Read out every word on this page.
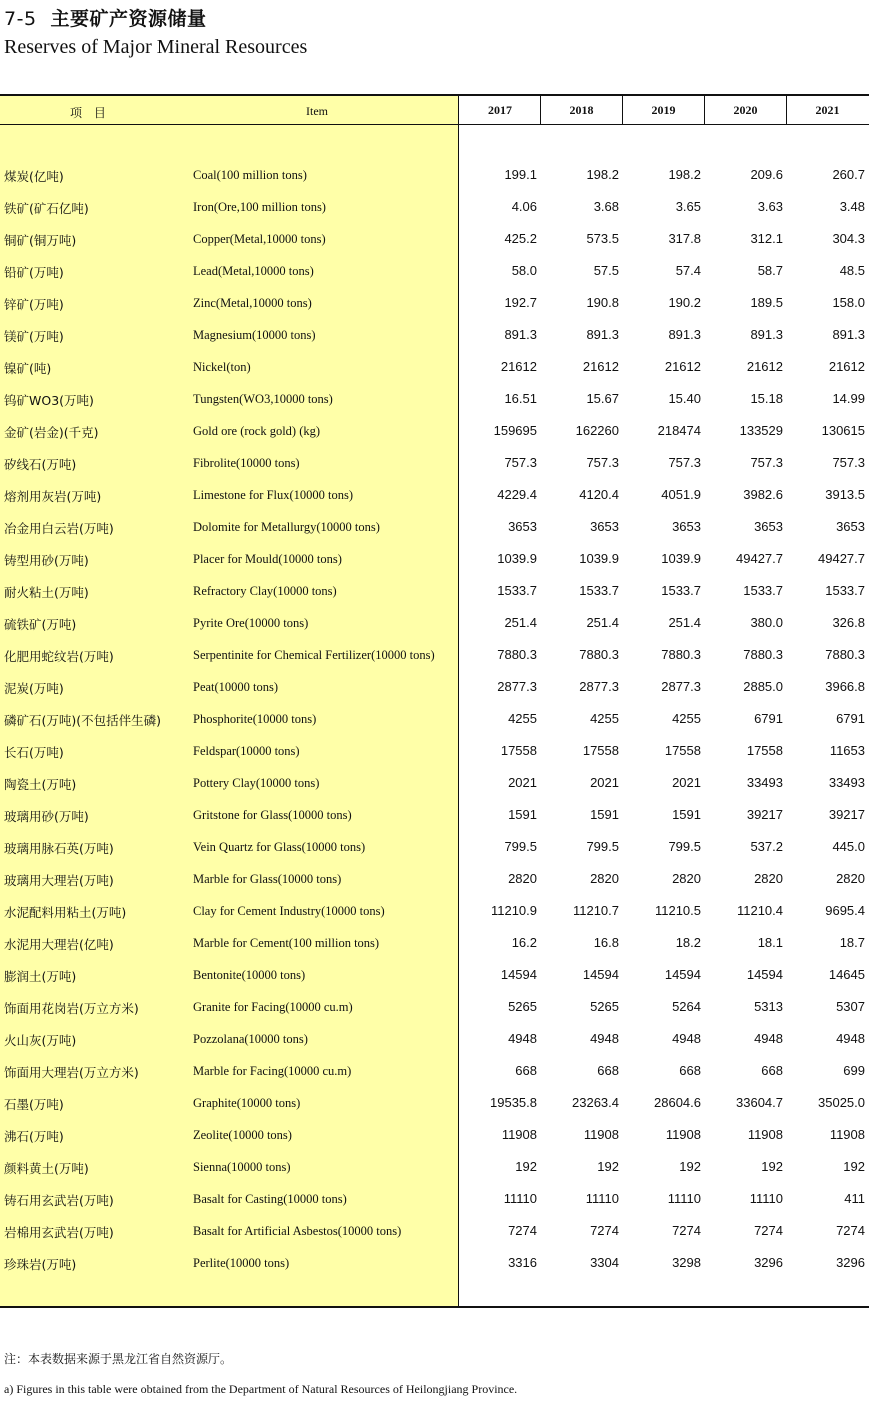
7-5 主要矿产资源储量
Reserves of Major Mineral Resources
项 目	Item	2017	2018	2019	2020	2021
煤炭(亿吨)	Coal(100 million tons)	199.1	198.2	198.2	209.6	260.7
铁矿(矿石亿吨)	Iron(Ore,100 million tons)	4.06	3.68	3.65	3.63	3.48
铜矿(铜万吨)	Copper(Metal,10000 tons)	425.2	573.5	317.8	312.1	304.3
铅矿(万吨)	Lead(Metal,10000 tons)	58.0	57.5	57.4	58.7	48.5
锌矿(万吨)	Zinc(Metal,10000 tons)	192.7	190.8	190.2	189.5	158.0
镁矿(万吨)	Magnesium(10000 tons)	891.3	891.3	891.3	891.3	891.3
镍矿(吨)	Nickel(ton)	21612	21612	21612	21612	21612
钨矿WO3(万吨)	Tungsten(WO3,10000 tons)	16.51	15.67	15.40	15.18	14.99
金矿(岩金)(千克)	Gold ore (rock gold) (kg)	159695	162260	218474	133529	130615
矽线石(万吨)	Fibrolite(10000 tons)	757.3	757.3	757.3	757.3	757.3
熔剂用灰岩(万吨)	Limestone for Flux(10000 tons)	4229.4	4120.4	4051.9	3982.6	3913.5
冶金用白云岩(万吨)	Dolomite for Metallurgy(10000 tons)	3653	3653	3653	3653	3653
铸型用砂(万吨)	Placer for Mould(10000 tons)	1039.9	1039.9	1039.9	49427.7	49427.7
耐火粘土(万吨)	Refractory Clay(10000 tons)	1533.7	1533.7	1533.7	1533.7	1533.7
硫铁矿(万吨)	Pyrite Ore(10000 tons)	251.4	251.4	251.4	380.0	326.8
化肥用蛇纹岩(万吨)	Serpentinite for Chemical Fertilizer(10000 tons)	7880.3	7880.3	7880.3	7880.3	7880.3
泥炭(万吨)	Peat(10000 tons)	2877.3	2877.3	2877.3	2885.0	3966.8
磷矿石(万吨)(不包括伴生磷)	Phosphorite(10000 tons)	4255	4255	4255	6791	6791
长石(万吨)	Feldspar(10000 tons)	17558	17558	17558	17558	11653
陶瓷土(万吨)	Pottery Clay(10000 tons)	2021	2021	2021	33493	33493
玻璃用砂(万吨)	Gritstone for Glass(10000 tons)	1591	1591	1591	39217	39217
玻璃用脉石英(万吨)	Vein Quartz for Glass(10000 tons)	799.5	799.5	799.5	537.2	445.0
玻璃用大理岩(万吨)	Marble for Glass(10000 tons)	2820	2820	2820	2820	2820
水泥配料用粘土(万吨)	Clay for Cement Industry(10000 tons)	11210.9	11210.7	11210.5	11210.4	9695.4
水泥用大理岩(亿吨)	Marble for Cement(100 million tons)	16.2	16.8	18.2	18.1	18.7
膨润土(万吨)	Bentonite(10000 tons)	14594	14594	14594	14594	14645
饰面用花岗岩(万立方米)	Granite for Facing(10000 cu.m)	5265	5265	5264	5313	5307
火山灰(万吨)	Pozzolana(10000 tons)	4948	4948	4948	4948	4948
饰面用大理岩(万立方米)	Marble for Facing(10000 cu.m)	668	668	668	668	699
石墨(万吨)	Graphite(10000 tons)	19535.8	23263.4	28604.6	33604.7	35025.0
沸石(万吨)	Zeolite(10000 tons)	11908	11908	11908	11908	11908
颜料黄土(万吨)	Sienna(10000 tons)	192	192	192	192	192
铸石用玄武岩(万吨)	Basalt for Casting(10000 tons)	11110	11110	11110	11110	411
岩棉用玄武岩(万吨)	Basalt for Artificial Asbestos(10000 tons)	7274	7274	7274	7274	7274
珍珠岩(万吨)	Perlite(10000 tons)	3316	3304	3298	3296	3296
注：本表数据来源于黑龙江省自然资源厅。
a) Figures in this table were obtained from the Department of Natural Resources of Heilongjiang Province.
